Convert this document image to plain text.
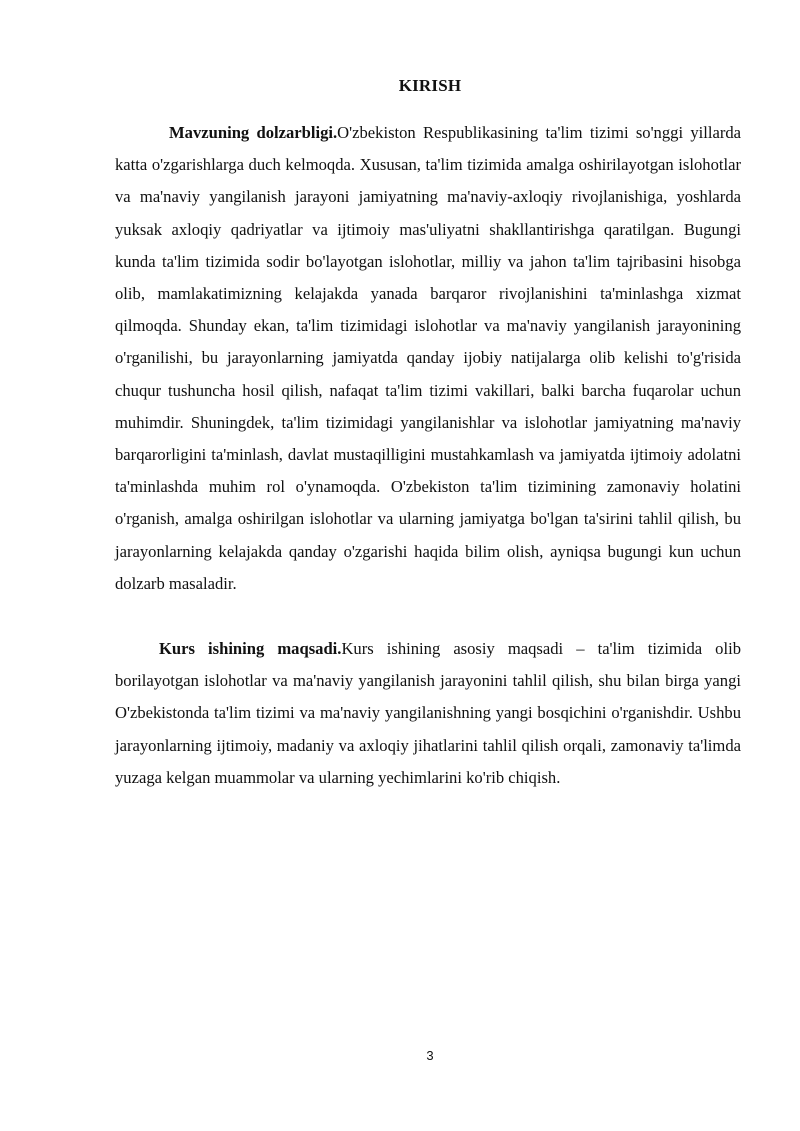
KIRISH
Mavzuning dolzarbligi.O'zbekiston Respublikasining ta'lim tizimi so'nggi yillarda katta o'zgarishlarga duch kelmoqda. Xususan, ta'lim tizimida amalga oshirilayotgan islohotlar va ma'naviy yangilanish jarayoni jamiyatning ma'naviy-axloqiy rivojlanishiga, yoshlarda yuksak axloqiy qadriyatlar va ijtimoiy mas'uliyatni shakllantirishga qaratilgan. Bugungi kunda ta'lim tizimida sodir bo'layotgan islohotlar, milliy va jahon ta'lim tajribasini hisobga olib, mamlakatimizning kelajakda yanada barqaror rivojlanishini ta'minlashga xizmat qilmoqda. Shunday ekan, ta'lim tizimidagi islohotlar va ma'naviy yangilanish jarayonining o'rganilishi, bu jarayonlarning jamiyatda qanday ijobiy natijalarga olib kelishi to'g'risida chuqur tushuncha hosil qilish, nafaqat ta'lim tizimi vakillari, balki barcha fuqarolar uchun muhimdir. Shuningdek, ta'lim tizimidagi yangilanishlar va islohotlar jamiyatning ma'naviy barqarorligini ta'minlash, davlat mustaqilligini mustahkamlash va jamiyatda ijtimoiy adolatni ta'minlashda muhim rol o'ynamoqda. O'zbekiston ta'lim tizimining zamonaviy holatini o'rganish, amalga oshirilgan islohotlar va ularning jamiyatga bo'lgan ta'sirini tahlil qilish, bu jarayonlarning kelajakda qanday o'zgarishi haqida bilim olish, ayniqsa bugungi kun uchun dolzarb masaladir.
Kurs ishining maqsadi.Kurs ishining asosiy maqsadi – ta'lim tizimida olib borilayotgan islohotlar va ma'naviy yangilanish jarayonini tahlil qilish, shu bilan birga yangi O'zbekistonda ta'lim tizimi va ma'naviy yangilanishning yangi bosqichini o'rganishdir. Ushbu jarayonlarning ijtimoiy, madaniy va axloqiy jihatlarini tahlil qilish orqali, zamonaviy ta'limda yuzaga kelgan muammolar va ularning yechimlarini ko'rib chiqish.
3
